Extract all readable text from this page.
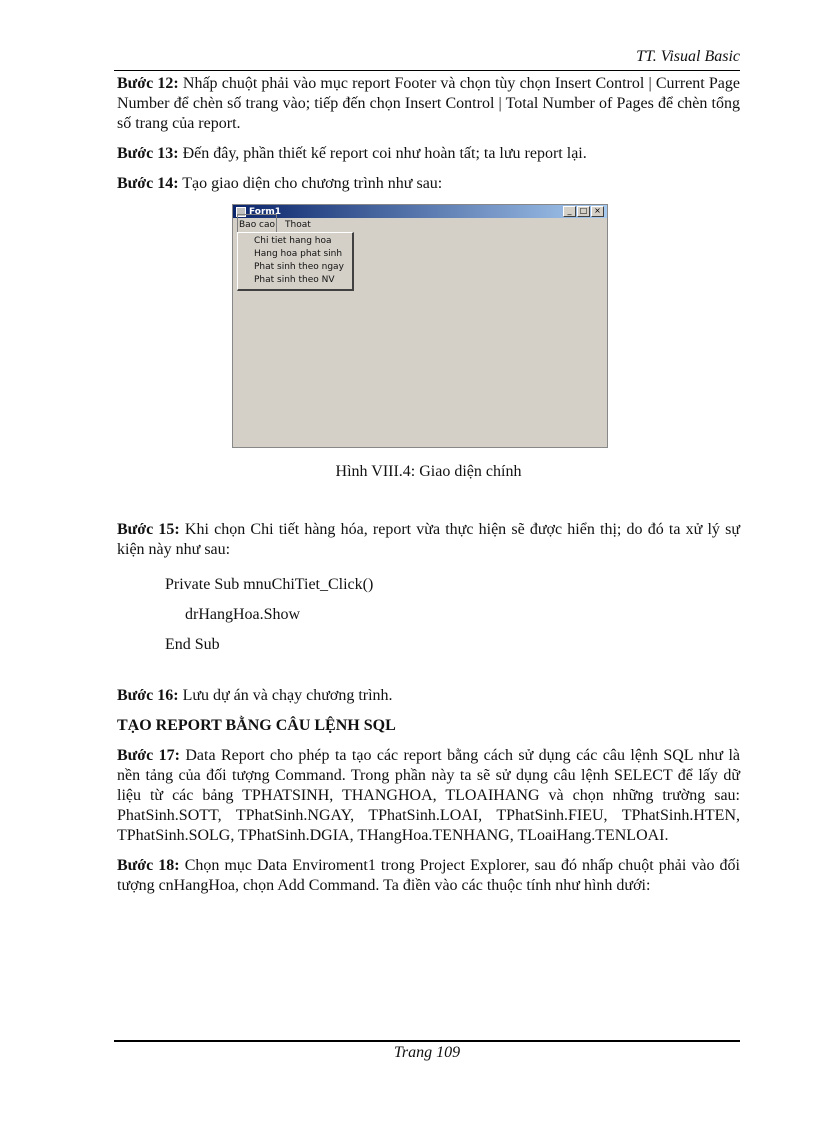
TT. Visual Basic

Bước 12: Nhấp chuột phải vào mục report Footer và chọn tùy chọn Insert Control | Current Page Number để chèn số trang vào; tiếp đến chọn Insert Control | Total Number of Pages để chèn tổng số trang của report.

Bước 13: Đến đây, phần thiết kế report coi như hoàn tất; ta lưu report lại.

Bước 14: Tạo giao diện cho chương trình như sau:

Form1	_	□ ×
Bao cao Thoat
Chi tiet hang hoa
Hang hoa phat sinh
Phat sinh theo ngay
Phat sinh theo NV
Hình VIII.4: Giao diện chính

Bước 15: Khi chọn Chi tiết hàng hóa, report vừa thực hiện sẽ được hiển thị; do đó ta xử lý sự kiện này như sau:

Private Sub mnuChiTiet_Click()
drHangHoa.Show
End Sub

Bước 16: Lưu dự án và chạy chương trình.

TẠO REPORT BẰNG CÂU LỆNH SQL

Bước 17: Data Report cho phép ta tạo các report bằng cách sử dụng các câu lệnh SQL như là nền tảng của đối tượng Command. Trong phần này ta sẽ sử dụng câu lệnh SELECT để lấy dữ liệu từ các bảng TPHATSINH, THANGHOA, TLOAIHANG và chọn những trường sau: PhatSinh.SOTT, TPhatSinh.NGAY, TPhatSinh.LOAI, TPhatSinh.FIEU, TPhatSinh.HTEN, TPhatSinh.SOLG, TPhatSinh.DGIA, THangHoa.TENHANG, TLoaiHang.TENLOAI.

Bước 18: Chọn mục Data Enviroment1 trong Project Explorer, sau đó nhấp chuột phải vào đối tượng cnHangHoa, chọn Add Command. Ta điền vào các thuộc tính như hình dưới:

Trang 109
